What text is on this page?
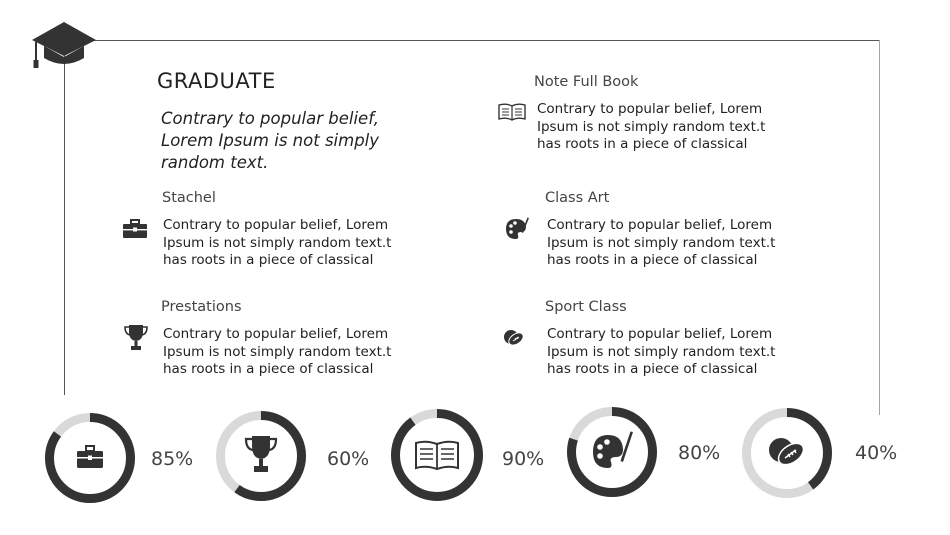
GRADUATE
Contrary to popular belief, Lorem Ipsum is not simply random text.
Stachel
Contrary to popular belief, Lorem Ipsum is not simply random text.t has roots in a piece of classical
Prestations
Contrary to popular belief, Lorem Ipsum is not simply random text.t has roots in a piece of classical
Note Full Book
Contrary to popular belief, Lorem Ipsum is not simply random text.t has roots in a piece of classical
Class Art
Contrary to popular belief, Lorem Ipsum is not simply random text.t has roots in a piece of classical
Sport Class
Contrary to popular belief, Lorem Ipsum is not simply random text.t has roots in a piece of classical
85%	60%	90%	80%	40%
